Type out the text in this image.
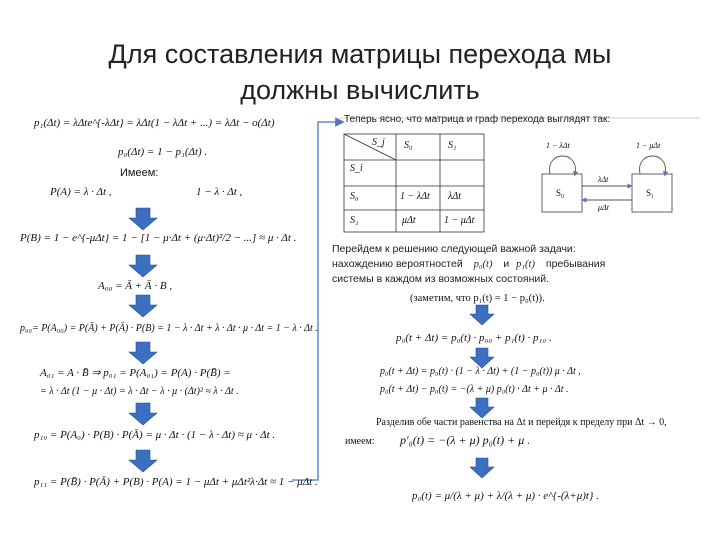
Для составления матрицы перехода мы
должны вычислить
p₁(Δt) = λΔte^{-λΔt} = λΔt(1 − λΔt + ...) = λΔt − o(Δt)
p₀(Δt) = 1 − p₁(Δt) .
Имеем:
P(A) = λ · Δt ,	1 − λ · Δt ,
P(B) = 1 − e^{-μΔt} = 1 − [1 − μ·Δt + (μ·Δt)²/2 − ...] ≈ μ · Δt .
A₀₀ = Ā + Ā · B ,
p₀₀= P(A₀₀) = P(Ā) + P(Ā) · P(B) = 1 − λ · Δt + λ · Δt · μ · Δt = 1 − λ · Δt .
A₀₁ = A · B̄ ⇒ p₀₁ = P(A₀₁) = P(A) · P(B̄) =
= λ · Δt (1 − μ · Δt) = λ · Δt − λ · μ · (Δt)² ≈ λ · Δt .
p₁₀ = P(A₀) · P(B) · P(Ā) = μ · Δt · (1 − λ · Δt) ≈ μ · Δt .
p₁₁ = P(B̄) · P(Ā) + P(B) · P(A) = 1 − μΔt + μΔt²λ·Δt ≈ 1 − μΔt .
Теперь ясно, что матрица и граф перехода выглядят так:
S_j
S_i
S₀	S₁
S₀	1 − λΔt λΔt
S₁	μΔt	1 − μΔt
1 − λΔt	1 − μΔt
S₀	S₁
λΔt
μΔt
Перейдем к решению следующей важной задачи:
нахождению вероятностей p₀(t) и p₁(t) пребывания
системы в каждом из возможных состояний.
(заметим, что p₁(t) = 1 − p₀(t)).
p₀(t + Δt) = p₀(t) · p₀₀ + p₁(t) · p₁₀ .
p₀(t + Δt) = p₀(t) · (1 − λ · Δt) + (1 − p₀(t)) μ · Δt ,
p₀(t + Δt) − p₀(t) = −(λ + μ) p₀(t) · Δt + μ · Δt .
Разделив обе части равенства на Δt и перейдя к пределу при Δt → 0,
имеем: p′₀(t) = −(λ + μ) p₀(t) + μ .
p₀(t) = μ/(λ + μ) + λ/(λ + μ) · e^{-(λ+μ)t} .
